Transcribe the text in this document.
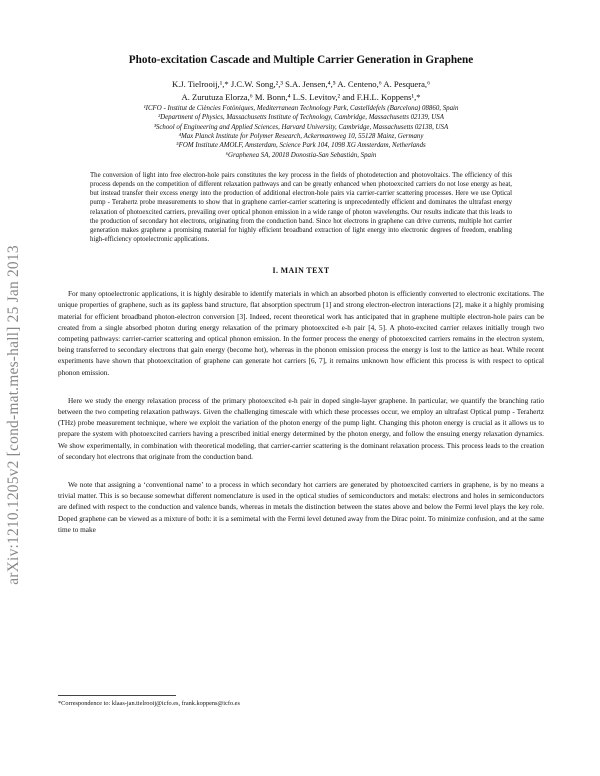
arXiv:1210.1205v2 [cond-mat.mes-hall] 25 Jan 2013
Photo-excitation Cascade and Multiple Carrier Generation in Graphene
K.J. Tielrooij,¹,* J.C.W. Song,²,³ S.A. Jensen,⁴,⁵ A. Centeno,⁶ A. Pesquera,⁶
A. Zurutuza Elorza,⁶ M. Bonn,⁴ L.S. Levitov,² and F.H.L. Koppens¹,*
¹ICFO - Institut de Ciències Fotòniques, Mediterranean Technology Park, Castelldefels (Barcelona) 08860, Spain
²Department of Physics, Massachusetts Institute of Technology, Cambridge, Massachusetts 02139, USA
³School of Engineering and Applied Sciences, Harvard University, Cambridge, Massachusetts 02138, USA
⁴Max Planck Institute for Polymer Research, Ackermannweg 10, 55128 Mainz, Germany
⁵FOM Institute AMOLF, Amsterdam, Science Park 104, 1098 XG Amsterdam, Netherlands
⁶Graphenea SA, 20018 Donostia-San Sebastián, Spain
The conversion of light into free electron-hole pairs constitutes the key process in the fields of photodetection and photovoltaics. The efficiency of this process depends on the competition of different relaxation pathways and can be greatly enhanced when photoexcited carriers do not lose energy as heat, but instead transfer their excess energy into the production of additional electron-hole pairs via carrier-carrier scattering processes. Here we use Optical pump - Terahertz probe measurements to show that in graphene carrier-carrier scattering is unprecedentedly efficient and dominates the ultrafast energy relaxation of photoexcited carriers, prevailing over optical phonon emission in a wide range of photon wavelengths. Our results indicate that this leads to the production of secondary hot electrons, originating from the conduction band. Since hot electrons in graphene can drive currents, multiple hot carrier generation makes graphene a promising material for highly efficient broadband extraction of light energy into electronic degrees of freedom, enabling high-efficiency optoelectronic applications.
I. MAIN TEXT

For many optoelectronic applications, it is highly desirable to identify materials in which an absorbed photon is efficiently converted to electronic excitations. The unique properties of graphene, such as its gapless band structure, flat absorption spectrum [1] and strong electron-electron interactions [2], make it a highly promising material for efficient broadband photon-electron conversion [3]. Indeed, recent theoretical work has anticipated that in graphene multiple electron-hole pairs can be created from a single absorbed photon during energy relaxation of the primary photoexcited e-h pair [4, 5]. A photo-excited carrier relaxes initially trough two competing pathways: carrier-carrier scattering and optical phonon emission. In the former process the energy of photoexcited carriers remains in the electron system, being transferred to secondary electrons that gain energy (become hot), whereas in the phonon emission process the energy is lost to the lattice as heat. While recent experiments have shown that photoexcitation of graphene can generate hot carriers [6, 7], it remains unknown how efficient this process is with respect to optical phonon emission.

Here we study the energy relaxation process of the primary photoexcited e-h pair in doped single-layer graphene. In particular, we quantify the branching ratio between the two competing relaxation pathways. Given the challenging timescale with which these processes occur, we employ an ultrafast Optical pump - Terahertz (THz) probe measurement technique, where we exploit the variation of the photon energy of the pump light. Changing this photon energy is crucial as it allows us to prepare the system with photoexcited carriers having a prescribed initial energy determined by the photon energy, and follow the ensuing energy relaxation dynamics. We show experimentally, in combination with theoretical modeling, that carrier-carrier scattering is the dominant relaxation process. This process leads to the creation of secondary hot electrons that originate from the conduction band.

We note that assigning a ‘conventional name’ to a process in which secondary hot carriers are generated by photoexcited carriers in graphene, is by no means a trivial matter. This is so because somewhat different nomenclature is used in the optical studies of semiconductors and metals: electrons and holes in semiconductors are defined with respect to the conduction and valence bands, whereas in metals the distinction between the states above and below the Fermi level plays the key role. Doped graphene can be viewed as a mixture of both: it is a semimetal with the Fermi level detuned away from the Dirac point. To minimize confusion, and at the same time to make

*Correspondence to: klaas-jan.tielrooij@icfo.es, frank.koppens@icfo.es
